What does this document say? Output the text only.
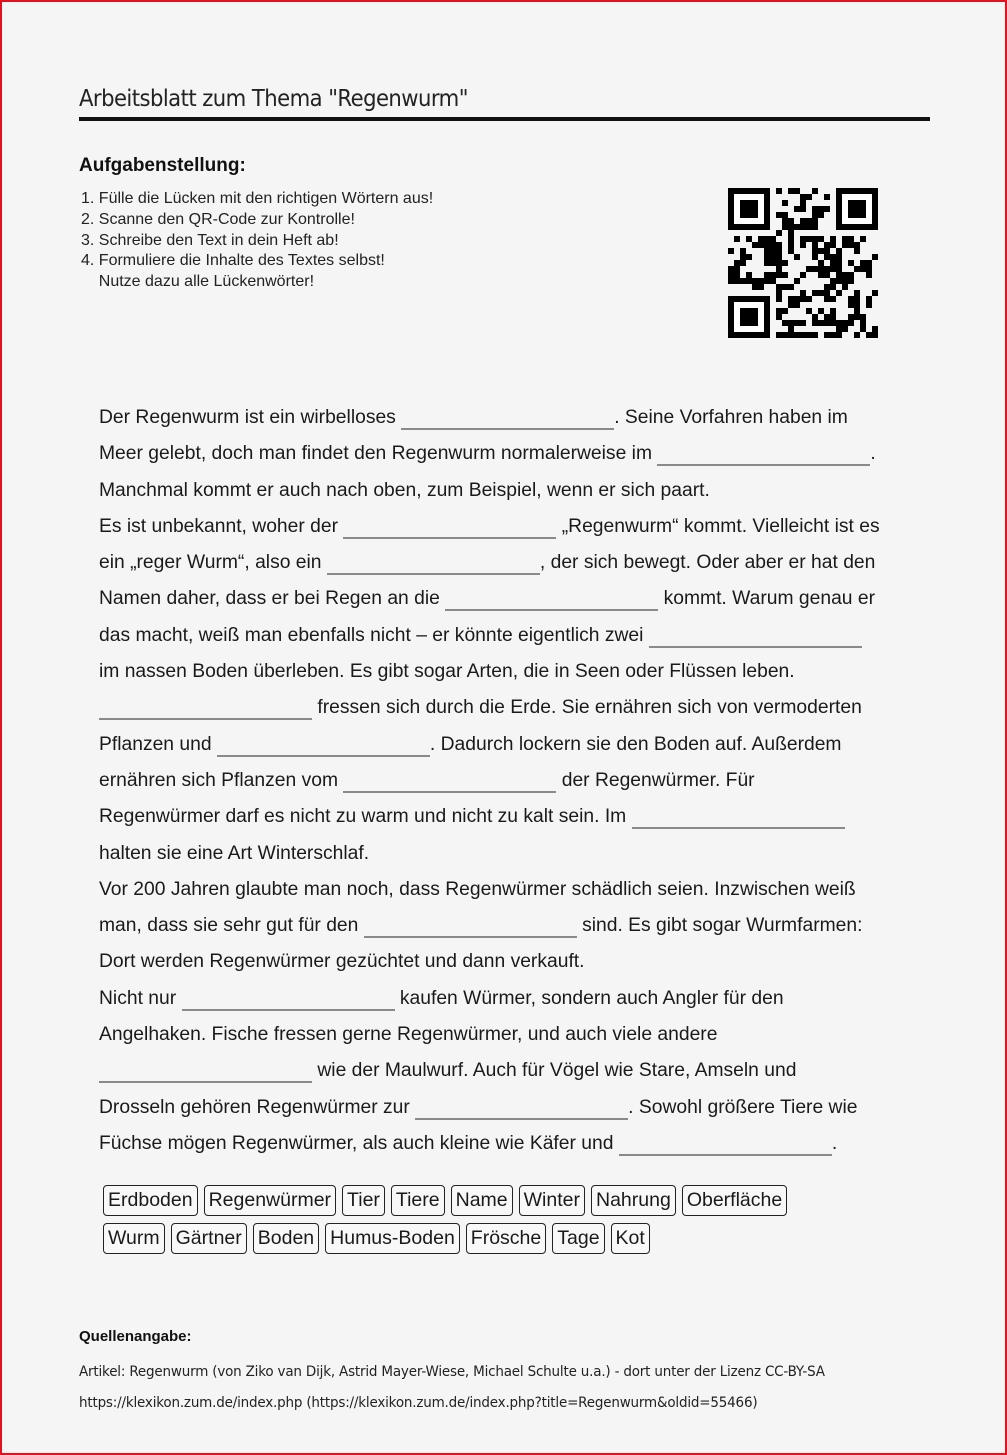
Arbeitsblatt zum Thema "Regenwurm"
Aufgabenstellung:
1. Fülle die Lücken mit den richtigen Wörtern aus!
2. Scanne den QR-Code zur Kontrolle!
3. Schreibe den Text in dein Heft ab!
4. Formuliere die Inhalte des Textes selbst!
Nutze dazu alle Lückenwörter!
Der Regenwurm ist ein wirbelloses	. Seine Vorfahren haben im
Meer gelebt, doch man findet den Regenwurm normalerweise im	.
Manchmal kommt er auch nach oben, zum Beispiel, wenn er sich paart.
Es ist unbekannt, woher der	„Regenwurm“ kommt. Vielleicht ist es
ein „reger Wurm“, also ein	, der sich bewegt. Oder aber er hat den
Namen daher, dass er bei Regen an die	kommt. Warum genau er
das macht, weiß man ebenfalls nicht – er könnte eigentlich zwei
im nassen Boden überleben. Es gibt sogar Arten, die in Seen oder Flüssen leben.
fressen sich durch die Erde. Sie ernähren sich von vermoderten
Pflanzen und	. Dadurch lockern sie den Boden auf. Außerdem
ernähren sich Pflanzen vom	der Regenwürmer. Für
Regenwürmer darf es nicht zu warm und nicht zu kalt sein. Im
halten sie eine Art Winterschlaf.
Vor 200 Jahren glaubte man noch, dass Regenwürmer schädlich seien. Inzwischen weiß
man, dass sie sehr gut für den	sind. Es gibt sogar Wurmfarmen:
Dort werden Regenwürmer gezüchtet und dann verkauft.
Nicht nur	kaufen Würmer, sondern auch Angler für den
Angelhaken. Fische fressen gerne Regenwürmer, und auch viele andere
wie der Maulwurf. Auch für Vögel wie Stare, Amseln und
Drosseln gehören Regenwürmer zur	. Sowohl größere Tiere wie
Füchse mögen Regenwürmer, als auch kleine wie Käfer und	.
Erdboden Regenwürmer Tier Tiere Name Winter Nahrung Oberfläche
Wurm Gärtner Boden Humus-Boden Frösche Tage Kot
Quellenangabe:
Artikel: Regenwurm (von Ziko van Dijk, Astrid Mayer-Wiese, Michael Schulte u.a.) - dort unter der Lizenz CC-BY-SA
https://klexikon.zum.de/index.php (https://klexikon.zum.de/index.php?title=Regenwurm&oldid=55466)
